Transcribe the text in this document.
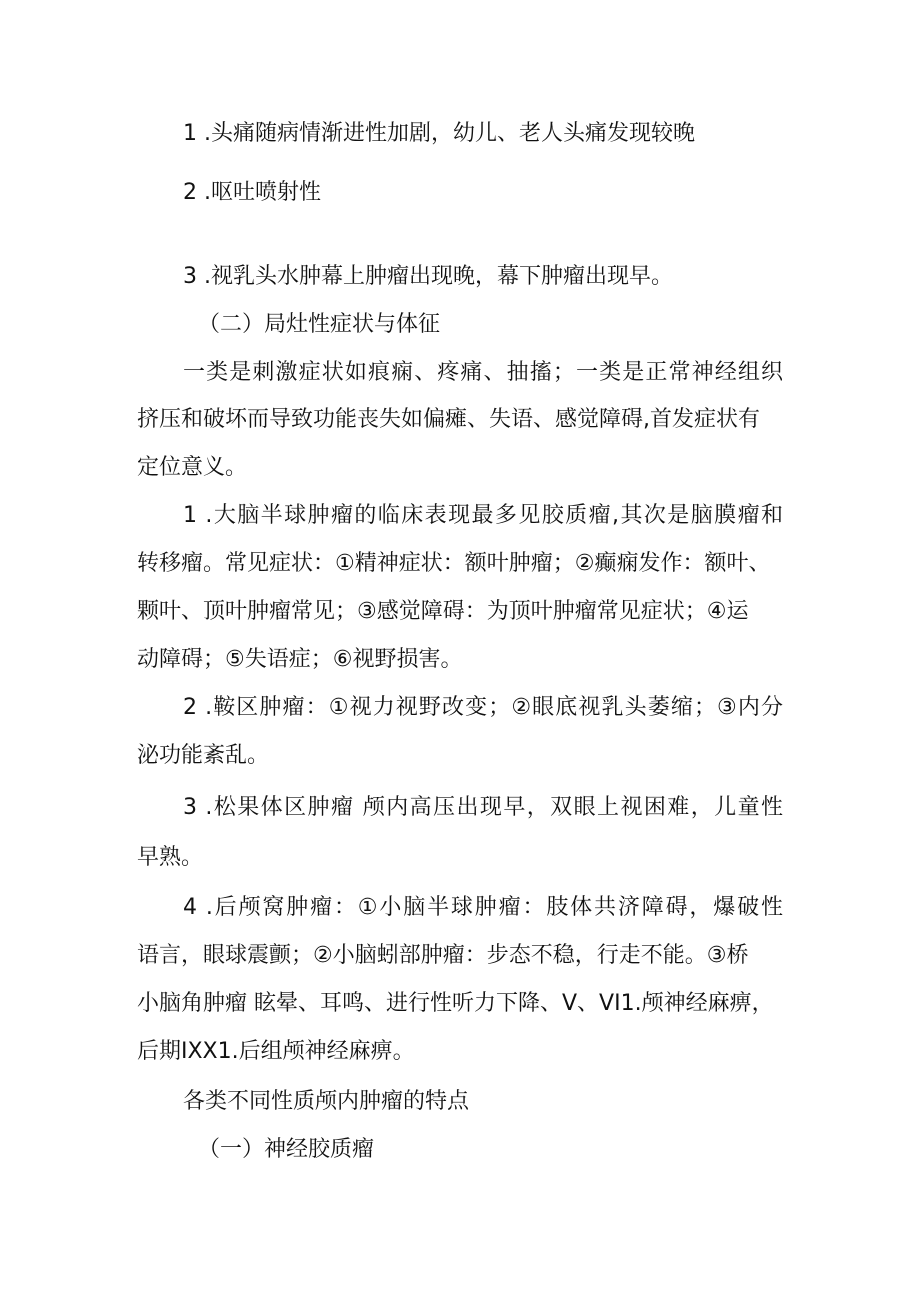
1 .头痛随病情渐进性加剧，幼儿、老人头痛发现较晚
2 .呕吐喷射性
3 .视乳头水肿幕上肿瘤出现晚，幕下肿瘤出现早。
（二）局灶性症状与体征
一类是刺激症状如痕痫、疼痛、抽搐；一类是正常神经组织
挤压和破坏而导致功能丧失如偏瘫、失语、感觉障碍,首发症状有
定位意义。
1 .大脑半球肿瘤的临床表现最多见胶质瘤,其次是脑膜瘤和
转移瘤。常见症状：①精神症状：额叶肿瘤；②癫痫发作：额叶、
颗叶、顶叶肿瘤常见；③感觉障碍：为顶叶肿瘤常见症状；④运
动障碍；⑤失语症；⑥视野损害。
2 .鞍区肿瘤：①视力视野改变；②眼底视乳头萎缩；③内分
泌功能紊乱。
3 .松果体区肿瘤 颅内高压出现早，双眼上视困难，儿童性
早熟。
4 .后颅窝肿瘤：①小脑半球肿瘤：肢体共济障碍，爆破性
语言，眼球震颤；②小脑蚓部肿瘤：步态不稳，行走不能。③桥
小脑角肿瘤 眩晕、耳鸣、进行性听力下降、V、VI1.颅神经麻痹，
后期IXX1.后组颅神经麻痹。
各类不同性质颅内肿瘤的特点
（一）神经胶质瘤
